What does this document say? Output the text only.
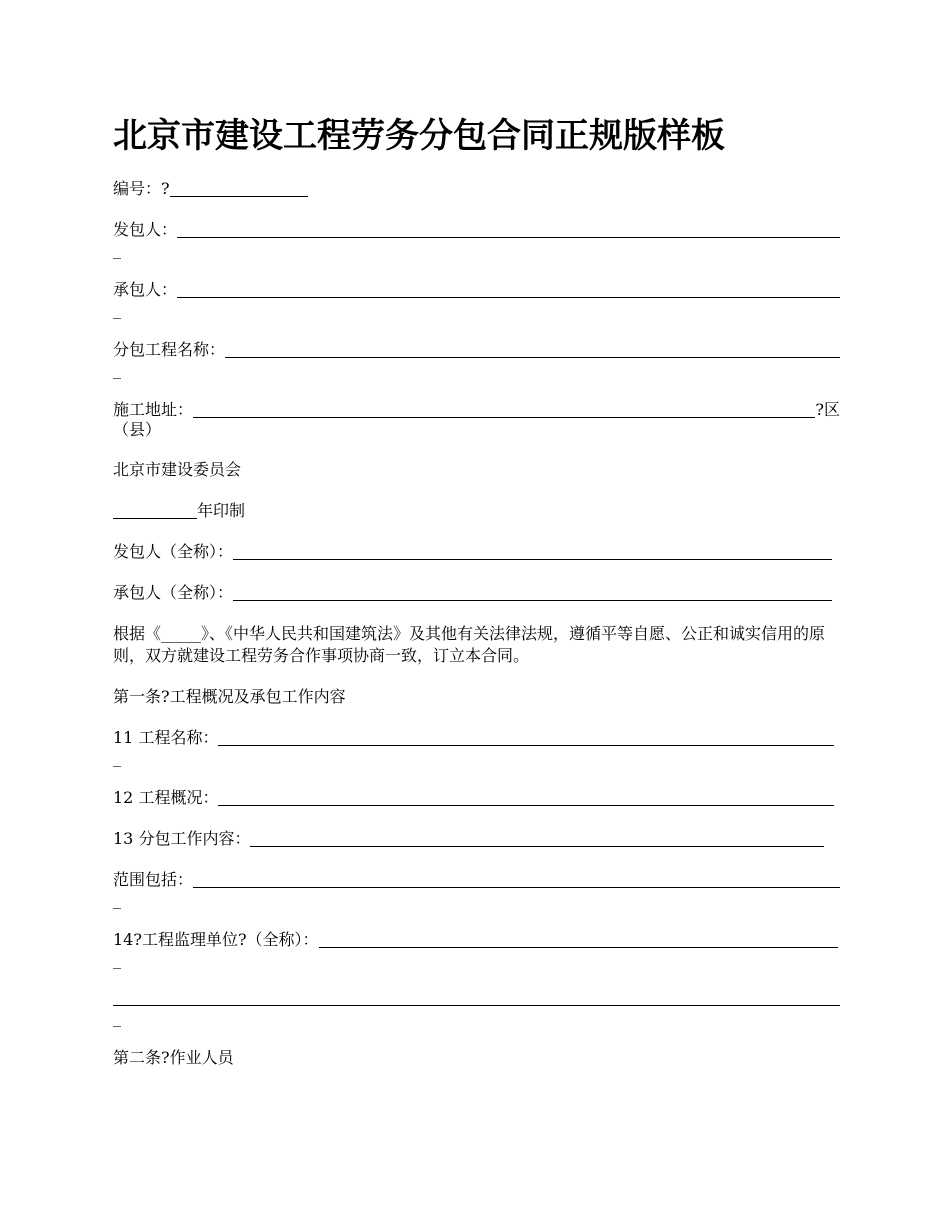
北京市建设工程劳务分包合同正规版样板
编号：?
发包人：
_
承包人：
_
分包工程名称：
_
施工地址：	?区
（县）

北京市建设委员会

年印制
发包人（全称）：
承包人（全称）：

根据《_____》、《中华人民共和国建筑法》及其他有关法律法规，遵循平等自愿、公正和诚实信用的原则，双方就建设工程劳务合作事项协商一致，订立本合同。

第一条?工程概况及承包工作内容

11 工程名称：
_
12 工程概况：
13 分包工作内容：
范围包括：
_
14?工程监理单位?（全称）：
_
_

第二条?作业人员
